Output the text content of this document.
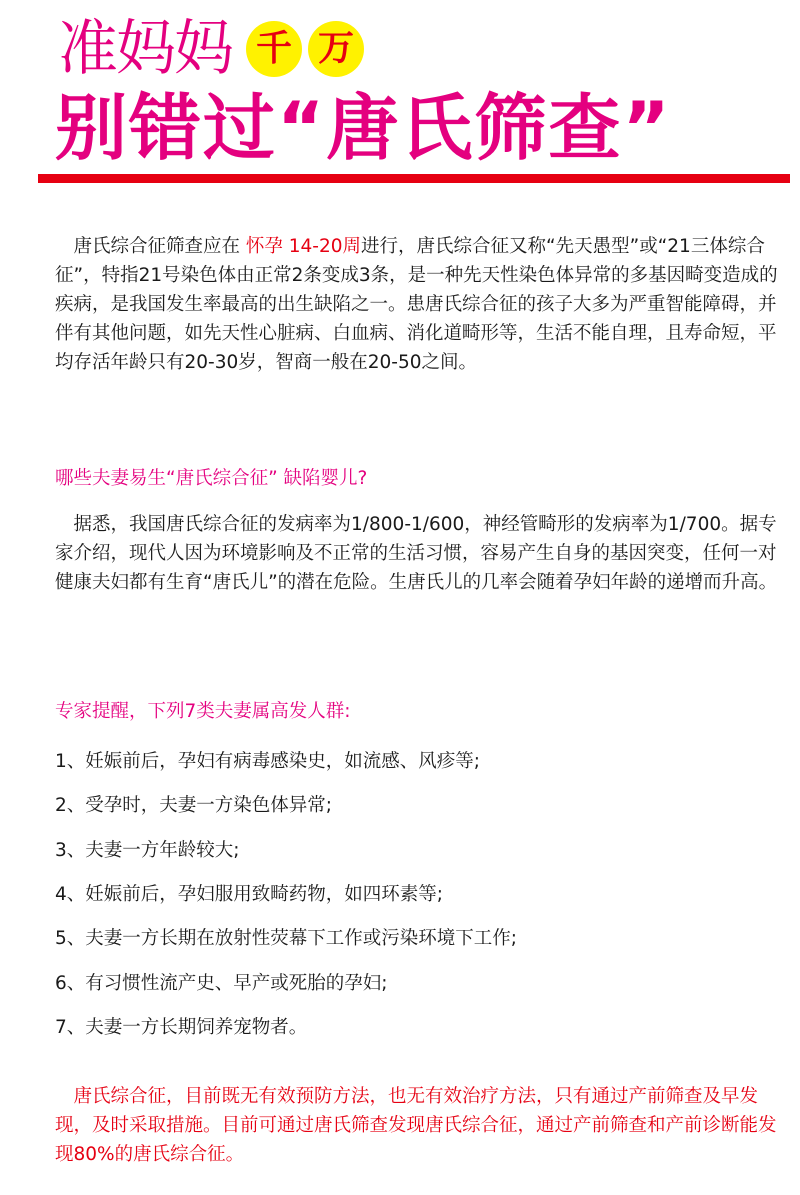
准妈妈 千 万
别错过“唐氏筛查”

唐氏综合征筛查应在 怀孕 14-20周进行，唐氏综合征又称“先天愚型”或“21三体综合征”，特指21号染色体由正常2条变成3条，是一种先天性染色体异常的多基因畸变造成的疾病，是我国发生率最高的出生缺陷之一。患唐氏综合征的孩子大多为严重智能障碍，并伴有其他问题，如先天性心脏病、白血病、消化道畸形等，生活不能自理，且寿命短，平均存活年龄只有20-30岁，智商一般在20-50之间。

哪些夫妻易生“唐氏综合征” 缺陷婴儿?

据悉，我国唐氏综合征的发病率为1/800-1/600，神经管畸形的发病率为1/700。据专家介绍，现代人因为环境影响及不正常的生活习惯，容易产生自身的基因突变，任何一对健康夫妇都有生育“唐氏儿”的潜在危险。生唐氏儿的几率会随着孕妇年龄的递增而升高。

专家提醒，下列7类夫妻属高发人群:

1、妊娠前后，孕妇有病毒感染史，如流感、风疹等;
2、受孕时，夫妻一方染色体异常;
3、夫妻一方年龄较大;
4、妊娠前后，孕妇服用致畸药物，如四环素等;
5、夫妻一方长期在放射性荧幕下工作或污染环境下工作;
6、有习惯性流产史、早产或死胎的孕妇;
7、夫妻一方长期饲养宠物者。

唐氏综合征，目前既无有效预防方法，也无有效治疗方法，只有通过产前筛查及早发现，及时采取措施。目前可通过唐氏筛查发现唐氏综合征，通过产前筛查和产前诊断能发现80%的唐氏综合征。
